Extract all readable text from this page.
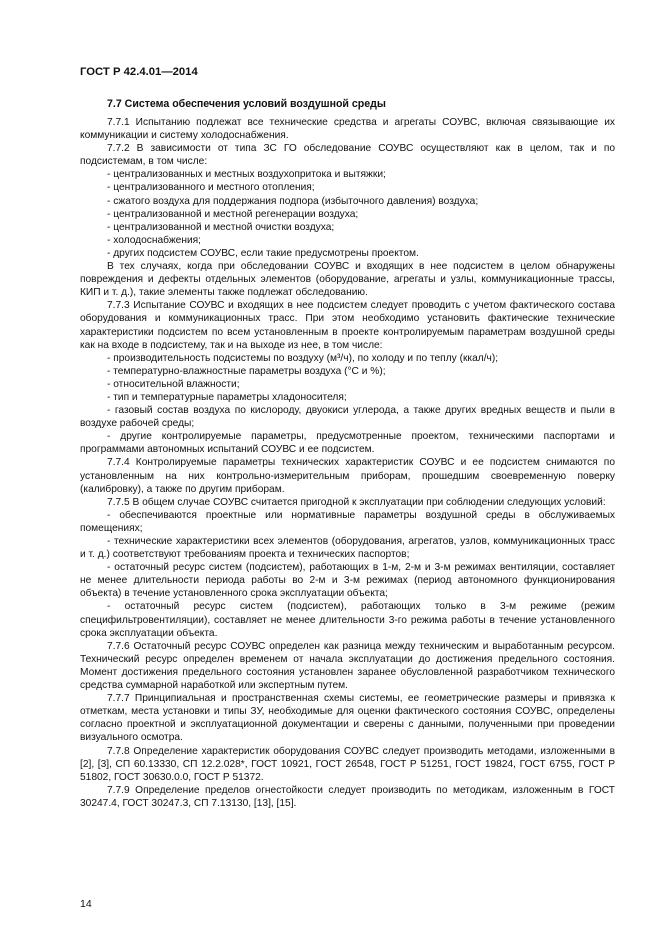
ГОСТ Р 42.4.01—2014
7.7 Система обеспечения условий воздушной среды
7.7.1 Испытанию подлежат все технические средства и агрегаты СОУВС, включая связывающие их коммуникации и систему холодоснабжения.
7.7.2 В зависимости от типа ЗС ГО обследование СОУВС осуществляют как в целом, так и по подсистемам, в том числе:
- централизованных и местных воздухопритока и вытяжки;
- централизованного и местного отопления;
- сжатого воздуха для поддержания подпора (избыточного давления) воздуха;
- централизованной и местной регенерации воздуха;
- централизованной и местной очистки воздуха;
- холодоснабжения;
- других подсистем СОУВС, если такие предусмотрены проектом.
В тех случаях, когда при обследовании СОУВС и входящих в нее подсистем в целом обнаружены повреждения и дефекты отдельных элементов (оборудование, агрегаты и узлы, коммуникационные трассы, КИП и т. д.), такие элементы также подлежат обследованию.
7.7.3 Испытание СОУВС и входящих в нее подсистем следует проводить с учетом фактического состава оборудования и коммуникационных трасс. При этом необходимо установить фактические технические характеристики подсистем по всем установленным в проекте контролируемым параметрам воздушной среды как на входе в подсистему, так и на выходе из нее, в том числе:
- производительность подсистемы по воздуху (м³/ч), по холоду и по теплу (ккал/ч);
- температурно-влажностные параметры воздуха (°С и %);
- относительной влажности;
- тип и температурные параметры хладоносителя;
- газовый состав воздуха по кислороду, двуокиси углерода, а также других вредных веществ и пыли в воздухе рабочей среды;
- другие контролируемые параметры, предусмотренные проектом, техническими паспортами и программами автономных испытаний СОУВС и ее подсистем.
7.7.4 Контролируемые параметры технических характеристик СОУВС и ее подсистем снимаются по установленным на них контрольно-измерительным приборам, прошедшим своевременную поверку (калибровку), а также по другим приборам.
7.7.5 В общем случае СОУВС считается пригодной к эксплуатации при соблюдении следующих условий:
- обеспечиваются проектные или нормативные параметры воздушной среды в обслуживаемых помещениях;
- технические характеристики всех элементов (оборудования, агрегатов, узлов, коммуникационных трасс и т. д.) соответствуют требованиям проекта и технических паспортов;
- остаточный ресурс систем (подсистем), работающих в 1-м, 2-м и 3-м режимах вентиляции, составляет не менее длительности периода работы во 2-м и 3-м режимах (период автономного функционирования объекта) в течение установленного срока эксплуатации объекта;
- остаточный ресурс систем (подсистем), работающих только в 3-м режиме (режим специфильтровентиляции), составляет не менее длительности 3-го режима работы в течение установленного срока эксплуатации объекта.
7.7.6 Остаточный ресурс СОУВС определен как разница между техническим и выработанным ресурсом. Технический ресурс определен временем от начала эксплуатации до достижения предельного состояния. Момент достижения предельного состояния установлен заранее обусловленной разработчиком технического средства суммарной наработкой или экспертным путем.
7.7.7 Принципиальная и пространственная схемы системы, ее геометрические размеры и привязка к отметкам, места установки и типы ЗУ, необходимые для оценки фактического состояния СОУВС, определены согласно проектной и эксплуатационной документации и сверены с данными, полученными при проведении визуального осмотра.
7.7.8 Определение характеристик оборудования СОУВС следует производить методами, изложенными в [2], [3], СП 60.13330, СП 12.2.028*, ГОСТ 10921, ГОСТ 26548, ГОСТ Р 51251, ГОСТ 19824, ГОСТ 6755, ГОСТ Р 51802, ГОСТ 30630.0.0, ГОСТ Р 51372.
7.7.9 Определение пределов огнестойкости следует производить по методикам, изложенным в ГОСТ 30247.4, ГОСТ 30247.3, СП 7.13130, [13], [15].
14
